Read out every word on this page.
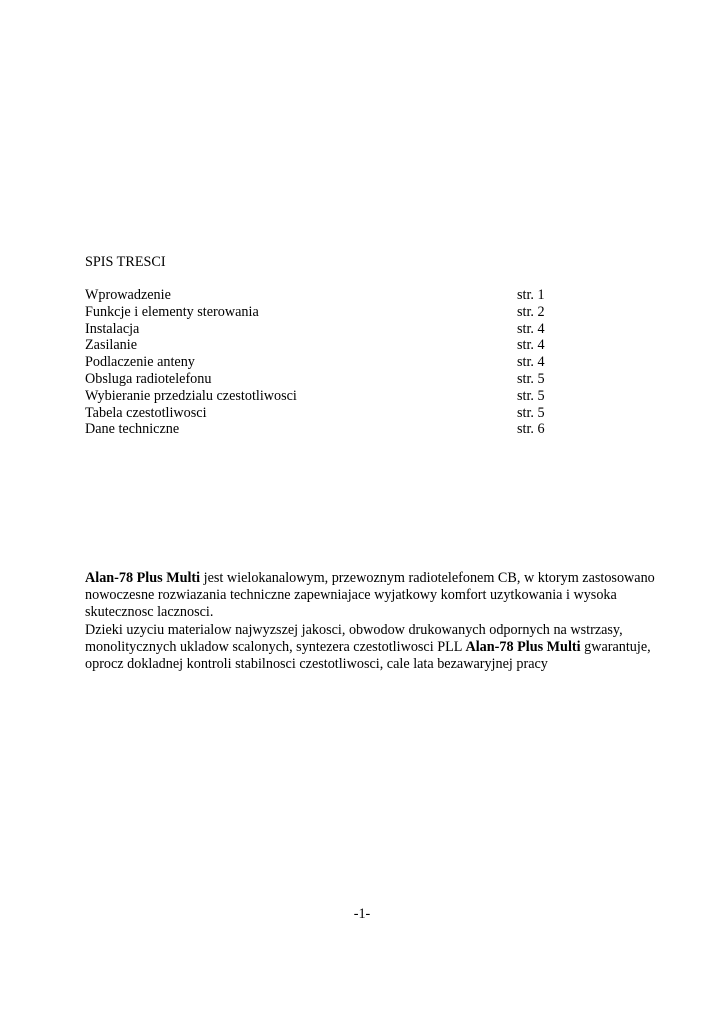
SPIS TRESCI
Wprowadzenie	str. 1
Funkcje i elementy sterowania	str. 2
Instalacja	str. 4
Zasilanie	str. 4
Podlaczenie anteny	str. 4
Obsluga radiotelefonu	str. 5
Wybieranie przedzialu czestotliwosci	str. 5
Tabela czestotliwosci	str. 5
Dane techniczne	str. 6

Alan-78 Plus Multi jest wielokanalowym, przewoznym radiotelefonem CB, w ktorym zastosowano nowoczesne rozwiazania techniczne zapewniajace wyjatkowy komfort uzytkowania i wysoka skutecznosc lacznosci.

Dzieki uzyciu materialow najwyzszej jakosci, obwodow drukowanych odpornych na wstrzasy, monolitycznych ukladow scalonych, syntezera czestotliwosci PLL Alan-78 Plus Multi gwarantuje, oprocz dokladnej kontroli stabilnosci czestotliwosci, cale lata bezawaryjnej pracy

-1-
